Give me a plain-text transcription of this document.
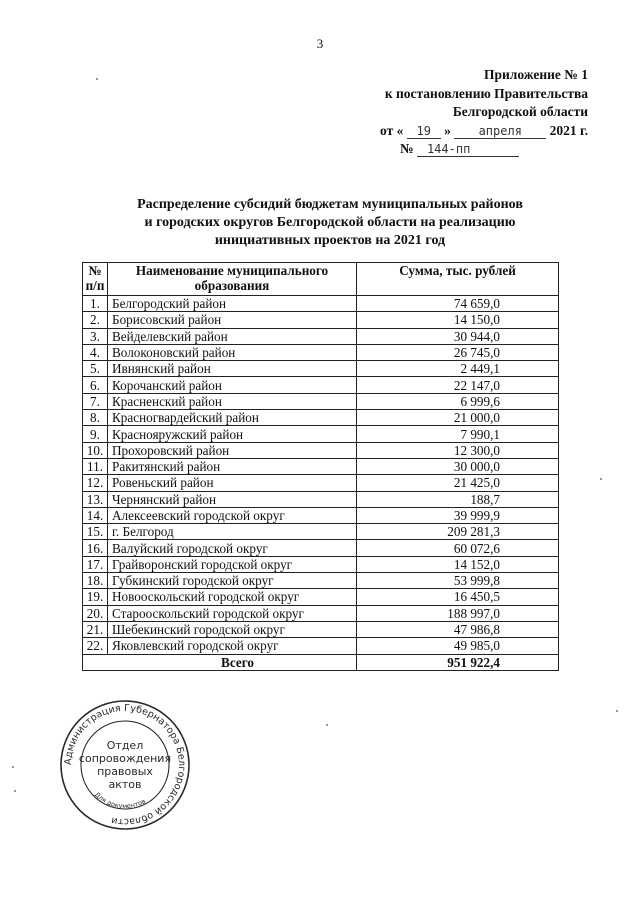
3
Приложение № 1
к постановлению Правительства
Белгородской области
от « 19 » апреля 2021 г.
№ 144-пп
Распределение субсидий бюджетам муниципальных районов
и городских округов Белгородской области на реализацию
инициативных проектов на 2021 год
№ п/п	Наименование муниципального образования	Сумма, тыс. рублей
1.	Белгородский район	74 659,0
2.	Борисовский район	14 150,0
3.	Вейделевский район	30 944,0
4.	Волоконовский район	26 745,0
5.	Ивнянский район	2 449,1
6.	Корочанский район	22 147,0
7.	Красненский район	6 999,6
8.	Красногвардейский район	21 000,0
9.	Краснояружский район	7 990,1
10.	Прохоровский район	12 300,0
11.	Ракитянский район	30 000,0
12.	Ровеньский район	21 425,0
13.	Чернянский район	188,7
14.	Алексеевский городской округ	39 999,9
15.	г. Белгород	209 281,3
16.	Валуйский городской округ	60 072,6
17.	Грайворонский городской округ	14 152,0
18.	Губкинский городской округ	53 999,8
19.	Новооскольский городской округ	16 450,5
20.	Старооскольский городской округ	188 997,0
21.	Шебекинский городской округ	47 986,8
22.	Яковлевский городской округ	49 985,0
Всего		951 922,4
Администрация Губернатора Белгородской области
Для документов
Отдел
сопровождения
правовых
актов
